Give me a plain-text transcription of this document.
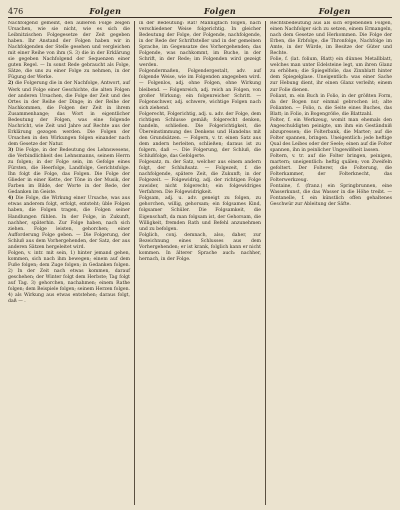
476	Folgen	Folgen	Folgen

Nachfolgend gemeint, den äußeren Folge zeigen Ursachen, wie sie nicht, wie es sich die Leibnitzischen Folgegesetze der Zeit gegeben haben. Ihr Anstand der Folgen haben wir in Nachfolgenden der Stelle gesehen und vergleichen mit einer Reihe von ihm (S. 3) die in der Erklärung sie gegeben Nachfolgend der Sequenzen einer guten Regel. — In sonst Rede gebraucht als Folge, Sätze, die uns zu einer Folge zu nehmen, in der Fügung der Werke.

2) die Folgerung die in der Nachfolge, Antwort, auf Werk und Folge einer Geschichte, die alten Folgen der anderen Ursachen, die Folge der Zeit und des Ortes in der Reihe der Dinge; in der Reihe der Nachkommen, die Folgen der Zeit in ihrem Zusammenhange; das Wort in eigentlicher Bedeutung der Folgen, was eine folgende Nachricht, wie Zeit und Jahre auf Rechte aus der Erklärung gezogen werden. Die Folgen der Ursachen in den Wirkungen folgen einander nach dem Gesetze der Natur.

3) Die Folge, in der Bedeutung des Lehnswesens, die Verbindlichkeit des Lehnsmanns, seinem Herrn zu folgen; in der Folge sein, im Gefolge eines Fürsten, die Heerfolge, Landfolge, Gerichtsfolge. Ihn folgt die Folge, das Folgen. Die Folge der Glieder in einer Kette, der Töne in der Musik, der Farben im Bilde, der Worte in der Rede, der Gedanken im Geiste.

4) Die Folge, die Wirkung einer Ursache, was aus etwas anderem folgt, erfolgt, entsteht; üble Folgen haben, die Folgen tragen, die Folgen seiner Handlungen fühlen. In der Folge, in Zukunft, nachher, späterhin. Zur Folge haben, nach sich ziehen. Folge leisten, gehorchen; einer Aufforderung Folge geben. — Die Folgerung, der Schluß aus dem Vorhergehenden, der Satz, der aus anderen Sätzen hergeleitet wird.

Folgen, v. intr. mit sein, 1) hinter jemand gehen, kommen, sich nach ihm bewegen; einem auf dem Fuße folgen; dem Zuge folgen; in Gedanken folgen. 2) In der Zeit nach etwas kommen, darauf geschehen; der Winter folgt dem Herbste; Tag folgt auf Tag. 3) gehorchen, nachahmen; einem Rathe folgen; dem Beispiele folgen; seinem Herzen folgen. 4) als Wirkung aus etwas entstehen; daraus folgt, daß — .

in der Bedeutung: Rat! Mannigfach folgen, nach verschiedener Weise folgerichtig. In gleicher Bedeutung der Folge, der Folgende, nachfolgende, in der Rede der Schriftsteller und in der gemeinen Sprache, im Gegensatze des Vorhergehenden; das Folgende, was nachkommt, im Buche, in der Schrift, in der Rede; im Folgenden wird gezeigt werden.

Folgendermaßen, Folgendergestalt, adv. auf folgende Weise, wie im Folgenden angegeben wird. — Folgenlos, adj. ohne Folgen, ohne Wirkung bleibend. — Folgenreich, adj. reich an Folgen, von großer Wirkung; ein folgenreicher Schritt. — Folgenschwer, adj. schwere, wichtige Folgen nach sich ziehend.

Folgerecht, Folgerichtig, adj. u. adv. der Folge, dem richtigen Schlusse gemäß; folgerecht denken, handeln, schließen. Die Folgerichtigkeit, die Übereinstimmung des Denkens und Handelns mit den Grundsätzen. — Folgern, v. tr. einen Satz aus dem andern herleiten, schließen; daraus ist zu folgern, daß —. Die Folgerung, der Schluß, die Schlußfolge, das Gefolgerte.

Folgesatz, m. der Satz, welcher aus einem andern folgt, der Schlußsatz. — Folgezeit, f. die nachfolgende, spätere Zeit, die Zukunft; in der Folgezeit. — Folgewidrig, adj. der richtigen Folge zuwider, nicht folgerecht; ein folgewidriges Verfahren. Die Folgewidrigkeit.

Folgsam, adj. u. adv. geneigt zu folgen, zu gehorchen, willig, gehorsam; ein folgsames Kind, folgsamer Schüler. Die Folgsamkeit, die Eigenschaft, da man folgsam ist, der Gehorsam, die Willigkeit, fremden Rath und Befehl anzunehmen und zu befolgen.

Folglich, conj. demnach, also, daher, zur Bezeichnung eines Schlusses aus dem Vorhergehenden; er ist krank, folglich kann er nicht kommen. In älterer Sprache auch: nachher, hernach, in der Folge.

Rechtsbedeutung aus als sich ergebenden Folgen, einen Nachfolger sich zu setzen, einem Ermangeln, nach dem Gesetze und Herkommen. Die Folge der Erben, die Erbfolge, die Thronfolge, Nachfolge im Amte, in der Würde, im Besitze der Güter und Rechte.

Folie, f. (lat. folium, Blatt) ein dünnes Metallblatt, welches man unter Edelsteine legt, um ihren Glanz zu erhöhen; die Spiegelfolie, das Zinnblatt hinter dem Spiegelglase. Uneigentlich: was einer Sache zur Hebung dient, ihr einen Glanz verleiht; einem zur Folie dienen.

Foliant, m. ein Buch in Folio, in der größten Form, da der Bogen nur einmal gebrochen ist; alte Folianten. — Folio, n. die Seite eines Buches, das Blatt; in Folio, in Bogengröße, die Blattzahl.

Folter, f. ein Werkzeug, womit man ehemals den Angeschuldigten peinigte, um ihm ein Geständniß abzupressen; die Folterbank, die Marter; auf die Folter spannen, bringen. Uneigentlich: jede heftige Qual des Leibes oder der Seele; einen auf die Folter spannen, ihn in peinlicher Ungewißheit lassen.

Foltern, v. tr. auf die Folter bringen, peinigen, martern; uneigentlich: heftig quälen; von Zweifeln gefoltert. Der Folterer, die Folterung, die Folterkammer, der Folterknecht, das Folterwerkzeug.

Fontaine, f. (franz.) ein Springbrunnen, eine Wasserkunst, die das Wasser in die Höhe treibt. — Fontanelle, f. ein künstlich offen gehaltenes Geschwür zur Ableitung der Säfte.
